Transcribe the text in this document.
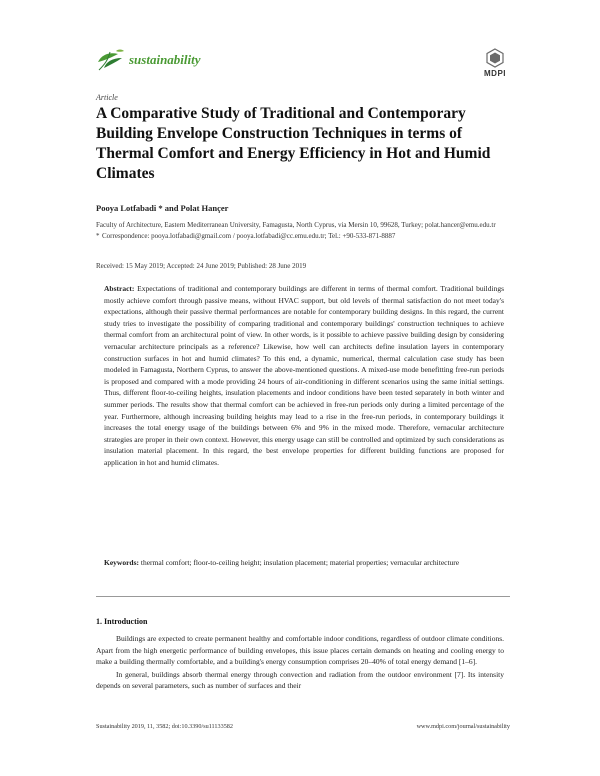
sustainability
MDPI
Article
A Comparative Study of Traditional and Contemporary Building Envelope Construction Techniques in terms of Thermal Comfort and Energy Efficiency in Hot and Humid Climates
Pooya Lotfabadi * and Polat Hançer
Faculty of Architecture, Eastern Mediterranean University, Famagusta, North Cyprus, via Mersin 10, 99628, Turkey; polat.hancer@emu.edu.tr
* Correspondence: pooya.lotfabadi@gmail.com / pooya.lotfabadi@cc.emu.edu.tr; Tel.: +90-533-871-8887
Received: 15 May 2019; Accepted: 24 June 2019; Published: 28 June 2019
Abstract: Expectations of traditional and contemporary buildings are different in terms of thermal comfort. Traditional buildings mostly achieve comfort through passive means, without HVAC support, but old levels of thermal satisfaction do not meet today's expectations, although their passive thermal performances are notable for contemporary building designs. In this regard, the current study tries to investigate the possibility of comparing traditional and contemporary buildings' construction techniques to achieve thermal comfort from an architectural point of view. In other words, is it possible to achieve passive building design by considering vernacular architecture principals as a reference? Likewise, how well can architects define insulation layers in contemporary construction surfaces in hot and humid climates? To this end, a dynamic, numerical, thermal calculation case study has been modeled in Famagusta, Northern Cyprus, to answer the above-mentioned questions. A mixed-use mode benefitting free-run periods is proposed and compared with a mode providing 24 hours of air-conditioning in different scenarios using the same initial settings. Thus, different floor-to-ceiling heights, insulation placements and indoor conditions have been tested separately in both winter and summer periods. The results show that thermal comfort can be achieved in free-run periods only during a limited percentage of the year. Furthermore, although increasing building heights may lead to a rise in the free-run periods, in contemporary buildings it increases the total energy usage of the buildings between 6% and 9% in the mixed mode. Therefore, vernacular architecture strategies are proper in their own context. However, this energy usage can still be controlled and optimized by such considerations as insulation material placement. In this regard, the best envelope properties for different building functions are proposed for application in hot and humid climates.
Keywords: thermal comfort; floor-to-ceiling height; insulation placement; material properties; vernacular architecture
1. Introduction

Buildings are expected to create permanent healthy and comfortable indoor conditions, regardless of outdoor climate conditions. Apart from the high energetic performance of building envelopes, this issue places certain demands on heating and cooling energy to make a building thermally comfortable, and a building's energy consumption comprises 20–40% of total energy demand [1–6].

In general, buildings absorb thermal energy through convection and radiation from the outdoor environment [7]. Its intensity depends on several parameters, such as number of surfaces and their

Sustainability 2019, 11, 3582; doi:10.3390/su11133582	www.mdpi.com/journal/sustainability
